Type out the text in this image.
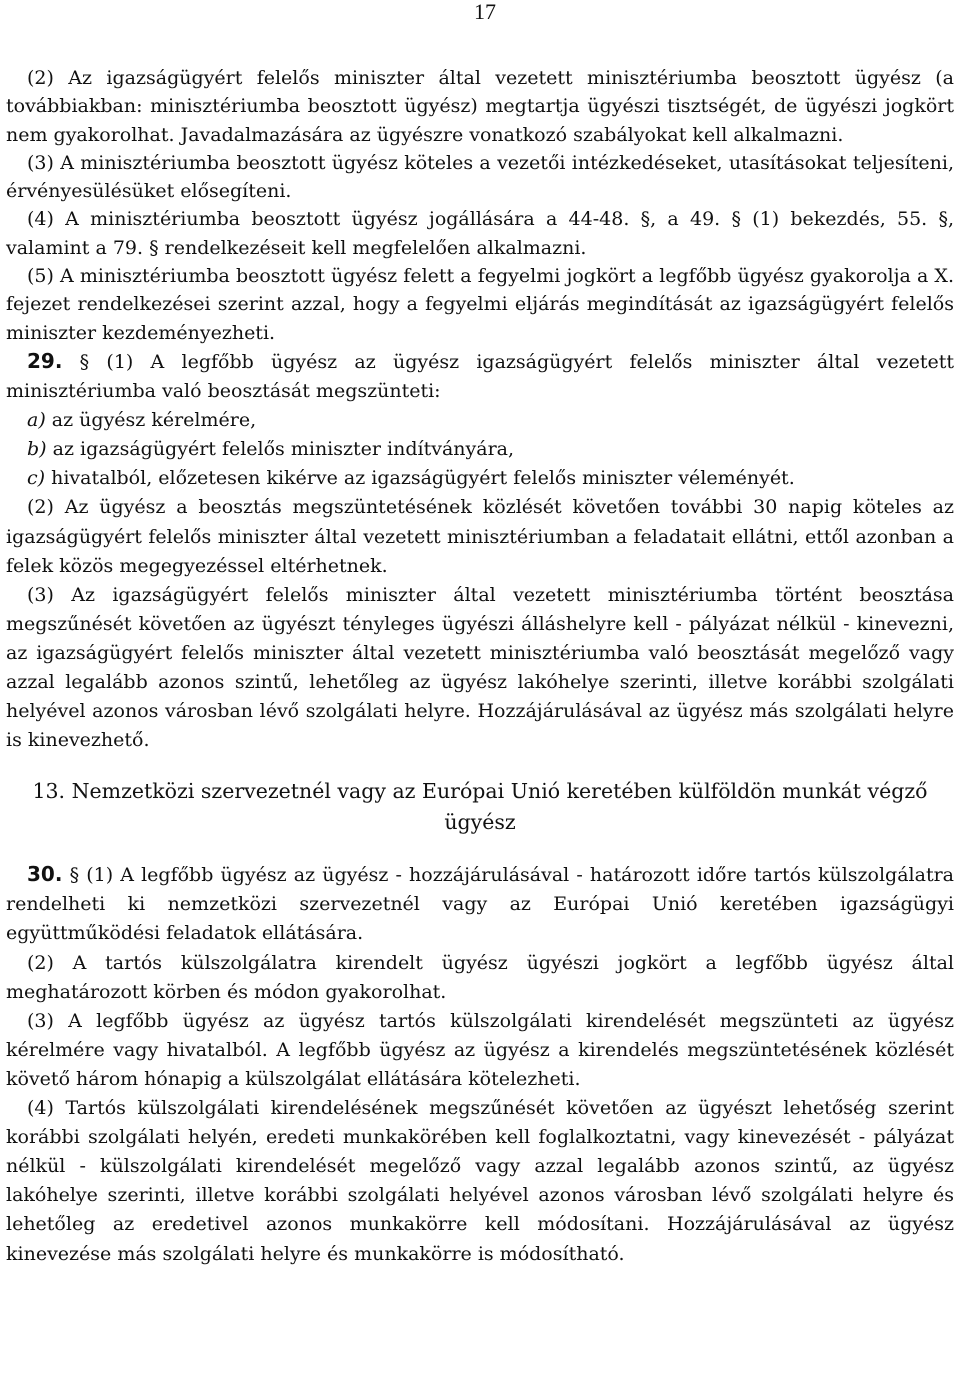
17

(2) Az igazságügyért felelős miniszter által vezetett minisztériumba beosztott ügyész (a továbbiakban: minisztériumba beosztott ügyész) megtartja ügyészi tisztségét, de ügyészi jogkört nem gyakorolhat. Javadalmazására az ügyészre vonatkozó szabályokat kell alkalmazni.

(3) A minisztériumba beosztott ügyész köteles a vezetői intézkedéseket, utasításokat teljesíteni, érvényesülésüket elősegíteni.

(4) A minisztériumba beosztott ügyész jogállására a 44-48. §, a 49. § (1) bekezdés, 55. §, valamint a 79. § rendelkezéseit kell megfelelően alkalmazni.

(5) A minisztériumba beosztott ügyész felett a fegyelmi jogkört a legfőbb ügyész gyakorolja a X. fejezet rendelkezései szerint azzal, hogy a fegyelmi eljárás megindítását az igazságügyért felelős miniszter kezdeményezheti.

29. § (1) A legfőbb ügyész az ügyész igazságügyért felelős miniszter által vezetett minisztériumba való beosztását megszünteti:

a) az ügyész kérelmére,

b) az igazságügyért felelős miniszter indítványára,

c) hivatalból, előzetesen kikérve az igazságügyért felelős miniszter véleményét.

(2) Az ügyész a beosztás megszüntetésének közlését követően további 30 napig köteles az igazságügyért felelős miniszter által vezetett minisztériumban a feladatait ellátni, ettől azonban a felek közös megegyezéssel eltérhetnek.

(3) Az igazságügyért felelős miniszter által vezetett minisztériumba történt beosztása megszűnését követően az ügyészt tényleges ügyészi álláshelyre kell - pályázat nélkül - kinevezni, az igazságügyért felelős miniszter által vezetett minisztériumba való beosztását megelőző vagy azzal legalább azonos szintű, lehetőleg az ügyész lakóhelye szerinti, illetve korábbi szolgálati helyével azonos városban lévő szolgálati helyre. Hozzájárulásával az ügyész más szolgálati helyre is kinevezhető.

13. Nemzetközi szervezetnél vagy az Európai Unió keretében külföldön munkát végző ügyész

30. § (1) A legfőbb ügyész az ügyész - hozzájárulásával - határozott időre tartós külszolgálatra rendelheti ki nemzetközi szervezetnél vagy az Európai Unió keretében igazságügyi együttműködési feladatok ellátására.

(2) A tartós külszolgálatra kirendelt ügyész ügyészi jogkört a legfőbb ügyész által meghatározott körben és módon gyakorolhat.

(3) A legfőbb ügyész az ügyész tartós külszolgálati kirendelését megszünteti az ügyész kérelmére vagy hivatalból. A legfőbb ügyész az ügyész a kirendelés megszüntetésének közlését követő három hónapig a külszolgálat ellátására kötelezheti.

(4) Tartós külszolgálati kirendelésének megszűnését követően az ügyészt lehetőség szerint korábbi szolgálati helyén, eredeti munkakörében kell foglalkoztatni, vagy kinevezését - pályázat nélkül - külszolgálati kirendelését megelőző vagy azzal legalább azonos szintű, az ügyész lakóhelye szerinti, illetve korábbi szolgálati helyével azonos városban lévő szolgálati helyre és lehetőleg az eredetivel azonos munkakörre kell módosítani. Hozzájárulásával az ügyész kinevezése más szolgálati helyre és munkakörre is módosítható.
